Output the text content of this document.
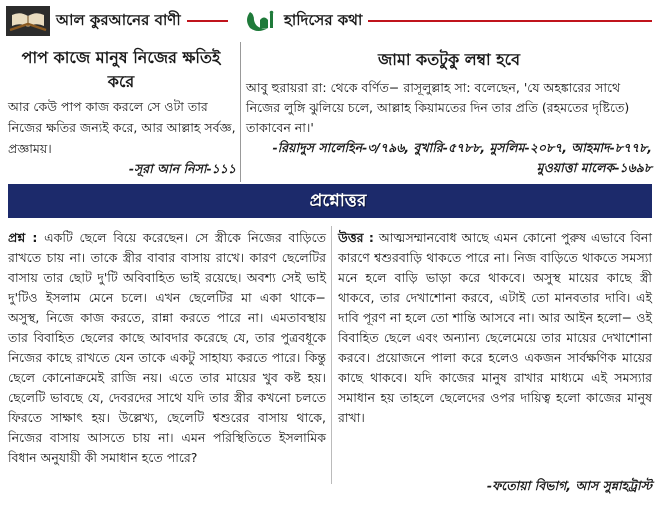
আল কুরআনের বাণী	হাদিসের কথা
পাপ কাজে মানুষ নিজের ক্ষতিই করে
আর কেউ পাপ কাজ করলে সে ওটা তার নিজের ক্ষতির জন্যই করে, আর আল্লাহ সর্বজ্ঞ, প্রজ্ঞাময়।
-সূরা আন নিসা-১১১
জামা কতটুকু লম্বা হবে
আবু হুরায়রা রা: থেকে বর্ণিত− রাসূলুল্লাহ সা: বলেছেন, 'যে অহঙ্কারের সাথে নিজের লুঙ্গি ঝুলিয়ে চলে, আল্লাহ কিয়ামতের দিন তার প্রতি (রহমতের দৃষ্টিতে) তাকাবেন না।'
-রিয়াদুস সালেহিন-৩/৭৯৬, বুখারি-৫৭৮৮, মুসলিম-২০৮৭, আহমাদ-৮৭৭৮, মুওয়াত্তা মালেক-১৬৯৮
প্রশ্নোত্তর
প্রশ্ন : একটি ছেলে বিয়ে করেছেন। সে স্ত্রীকে নিজের বাড়িতে রাখতে চায় না। তাকে স্ত্রীর বাবার বাসায় রাখে। কারণ ছেলেটির বাসায় তার ছোট দু'টি অবিবাহিত ভাই রয়েছে। অবশ্য সেই ভাই দু'টিও ইসলাম মেনে চলে। এখন ছেলেটির মা একা থাকে− অসুস্থ, নিজে কাজ করতে, রান্না করতে পারে না। এমতাবস্থায় তার বিবাহিত ছেলের কাছে আবদার করেছে যে, তার পুত্রবধূকে নিজের কাছে রাখতে যেন তাকে একটু সাহায্য করতে পারে। কিন্তু ছেলে কোনোক্রমেই রাজি নয়। এতে তার মায়ের খুব কষ্ট হয়। ছেলেটি ভাবছে যে, দেবরদের সাথে যদি তার স্ত্রীর কখনো চলতে ফিরতে সাক্ষাৎ হয়। উল্লেখ্য, ছেলেটি শ্বশুরের বাসায় থাকে, নিজের বাসায় আসতে চায় না। এমন পরিস্থিতিতে ইসলামিক বিধান অনুযায়ী কী সমাধান হতে পারে?
উত্তর : আত্মসম্মানবোধ আছে এমন কোনো পুরুষ এভাবে বিনা কারণে শ্বশুরবাড়ি থাকতে পারে না। নিজ বাড়িতে থাকতে সমস্যা মনে হলে বাড়ি ভাড়া করে থাকবে। অসুস্থ মায়ের কাছে স্ত্রী থাকবে, তার দেখাশোনা করবে, এটাই তো মানবতার দাবি। এই দাবি পূরণ না হলে তো শান্তি আসবে না। আর আইন হলো− ওই বিবাহিত ছেলে এবং অন্যান্য ছেলেমেয়ে তার মায়ের দেখাশোনা করবে। প্রয়োজনে পালা করে হলেও একজন সার্বক্ষণিক মায়ের কাছে থাকবে। যদি কাজের মানুষ রাখার মাধ্যমে এই সমস্যার সমাধান হয় তাহলে ছেলেদের ওপর দায়িত্ব হলো কাজের মানুষ রাখা।
-ফতোয়া বিভাগ, আস সুন্নাহট্রাস্ট
